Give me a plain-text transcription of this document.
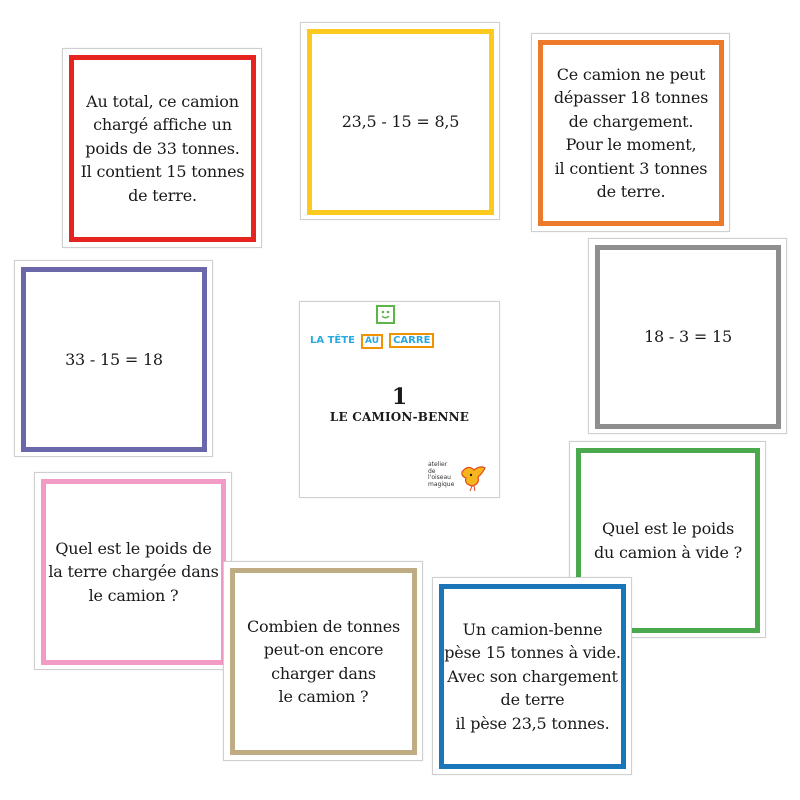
Au total, ce camion
chargé affiche un
poids de 33 tonnes.
Il contient 15 tonnes
de terre.
23,5 - 15 = 8,5
Ce camion ne peut
dépasser 18 tonnes
de chargement.
Pour le moment,
il contient 3 tonnes
de terre.
33 - 15 = 18
18 - 3 = 15
LA TÊTE AU CARRÉ
1
LE CAMION-BENNE
atelier
de
l'oiseau
magique
Quel est le poids de
la terre chargée dans
le camion ?
Quel est le poids
du camion à vide ?
Combien de tonnes
peut-on encore
charger dans
le camion ?
Un camion-benne
pèse 15 tonnes à vide.
Avec son chargement
de terre
il pèse 23,5 tonnes.
